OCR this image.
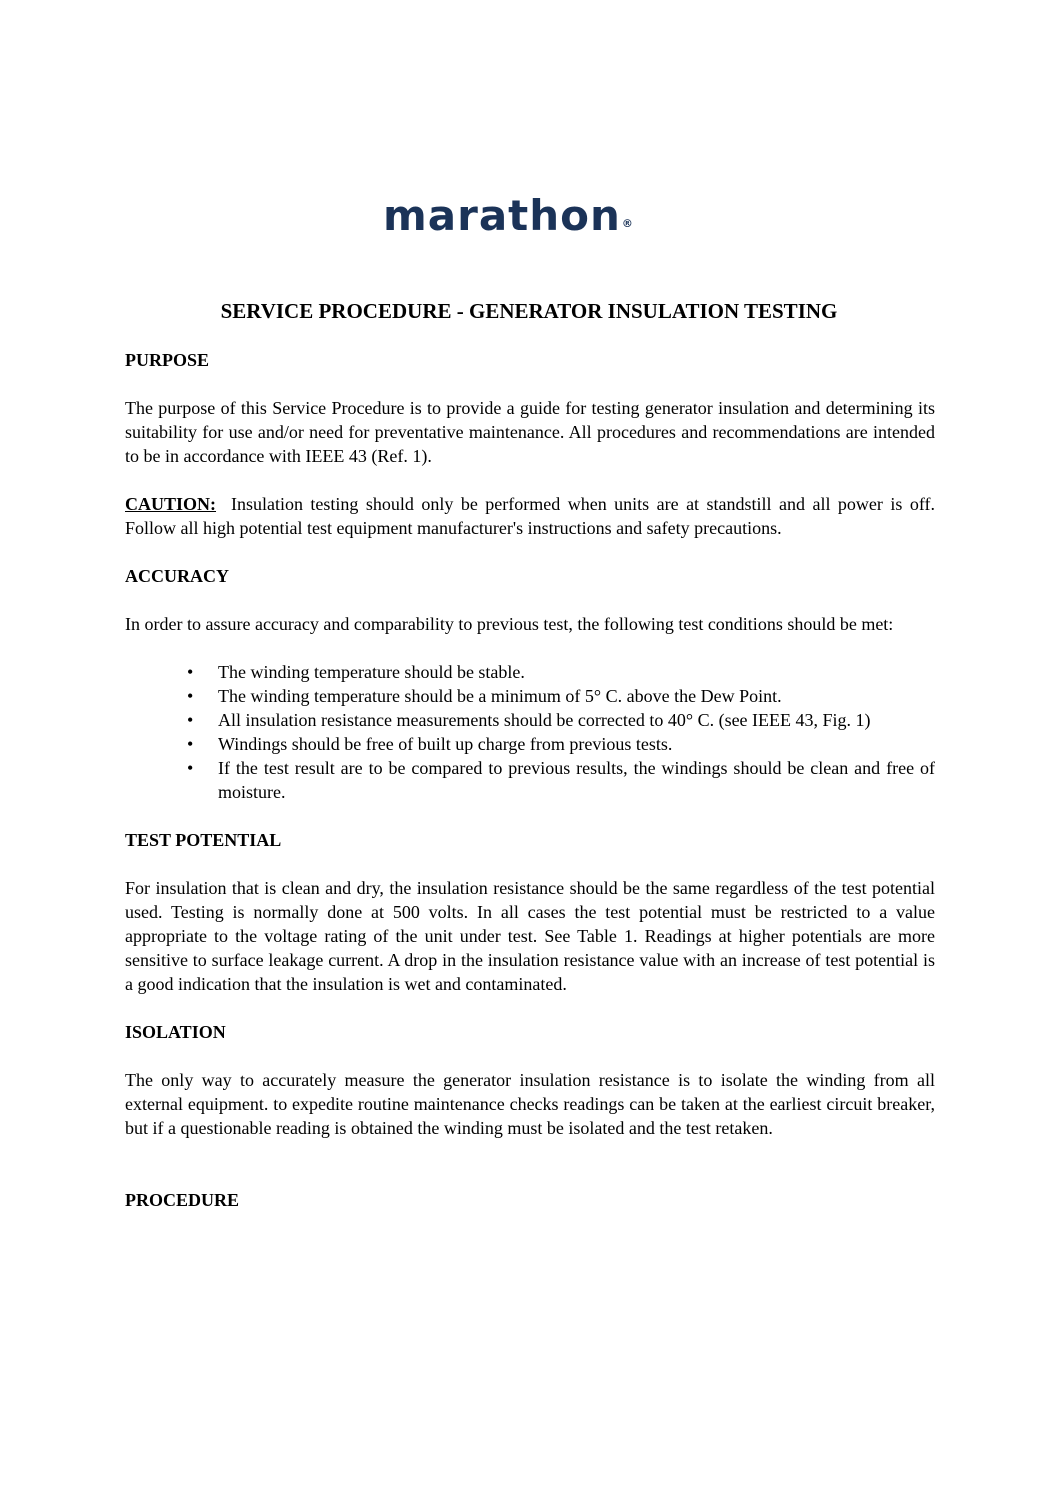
marathon®
SERVICE PROCEDURE - GENERATOR INSULATION TESTING
PURPOSE

The purpose of this Service Procedure is to provide a guide for testing generator insulation and determining its suitability for use and/or need for preventative maintenance. All procedures and recommendations are intended to be in accordance with IEEE 43 (Ref. 1).

CAUTION: Insulation testing should only be performed when units are at standstill and all power is off. Follow all high potential test equipment manufacturer's instructions and safety precautions.

ACCURACY

In order to assure accuracy and comparability to previous test, the following test conditions should be met:

• The winding temperature should be stable.
• The winding temperature should be a minimum of 5° C. above the Dew Point.
• All insulation resistance measurements should be corrected to 40° C. (see IEEE 43, Fig. 1)
• Windings should be free of built up charge from previous tests.
• If the test result are to be compared to previous results, the windings should be clean and free of moisture.
TEST POTENTIAL

For insulation that is clean and dry, the insulation resistance should be the same regardless of the test potential used. Testing is normally done at 500 volts. In all cases the test potential must be restricted to a value appropriate to the voltage rating of the unit under test. See Table 1. Readings at higher potentials are more sensitive to surface leakage current. A drop in the insulation resistance value with an increase of test potential is a good indication that the insulation is wet and contaminated.

ISOLATION

The only way to accurately measure the generator insulation resistance is to isolate the winding from all external equipment. to expedite routine maintenance checks readings can be taken at the earliest circuit breaker, but if a questionable reading is obtained the winding must be isolated and the test retaken.

PROCEDURE
